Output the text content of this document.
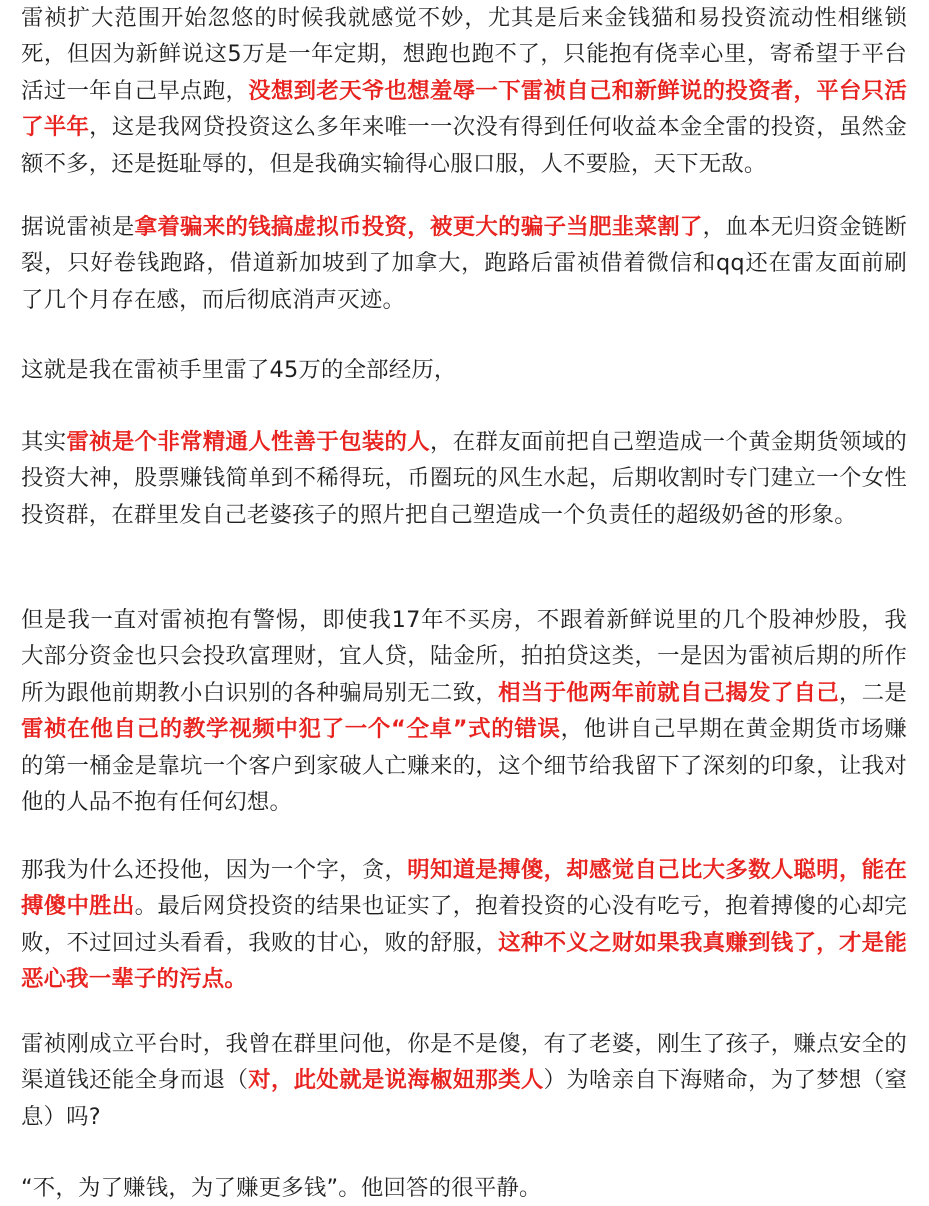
雷祯扩大范围开始忽悠的时候我就感觉不妙，尤其是后来金钱猫和易投资流动性相继锁死，但因为新鲜说这5万是一年定期，想跑也跑不了，只能抱有侥幸心里，寄希望于平台活过一年自己早点跑，没想到老天爷也想羞辱一下雷祯自己和新鲜说的投资者，平台只活了半年，这是我网贷投资这么多年来唯一一次没有得到任何收益本金全雷的投资，虽然金额不多，还是挺耻辱的，但是我确实输得心服口服，人不要脸，天下无敌。

据说雷祯是拿着骗来的钱搞虚拟币投资，被更大的骗子当肥韭菜割了，血本无归资金链断裂，只好卷钱跑路，借道新加坡到了加拿大，跑路后雷祯借着微信和qq还在雷友面前刷了几个月存在感，而后彻底消声灭迹。

这就是我在雷祯手里雷了45万的全部经历，

其实雷祯是个非常精通人性善于包装的人，在群友面前把自己塑造成一个黄金期货领域的投资大神，股票赚钱简单到不稀得玩，币圈玩的风生水起，后期收割时专门建立一个女性投资群，在群里发自己老婆孩子的照片把自己塑造成一个负责任的超级奶爸的形象。

但是我一直对雷祯抱有警惕，即使我17年不买房，不跟着新鲜说里的几个股神炒股，我大部分资金也只会投玖富理财，宜人贷，陆金所，拍拍贷这类，一是因为雷祯后期的所作所为跟他前期教小白识别的各种骗局别无二致，相当于他两年前就自己揭发了自己，二是雷祯在他自己的教学视频中犯了一个“仝卓”式的错误，他讲自己早期在黄金期货市场赚的第一桶金是靠坑一个客户到家破人亡赚来的，这个细节给我留下了深刻的印象，让我对他的人品不抱有任何幻想。

那我为什么还投他，因为一个字，贪，明知道是搏傻，却感觉自己比大多数人聪明，能在搏傻中胜出。最后网贷投资的结果也证实了，抱着投资的心没有吃亏，抱着搏傻的心却完败，不过回过头看看，我败的甘心，败的舒服，这种不义之财如果我真赚到钱了，才是能恶心我一辈子的污点。

雷祯刚成立平台时，我曾在群里问他，你是不是傻，有了老婆，刚生了孩子，赚点安全的渠道钱还能全身而退（对，此处就是说海椒妞那类人）为啥亲自下海赌命，为了梦想（窒息）吗?

“不，为了赚钱，为了赚更多钱”。他回答的很平静。
